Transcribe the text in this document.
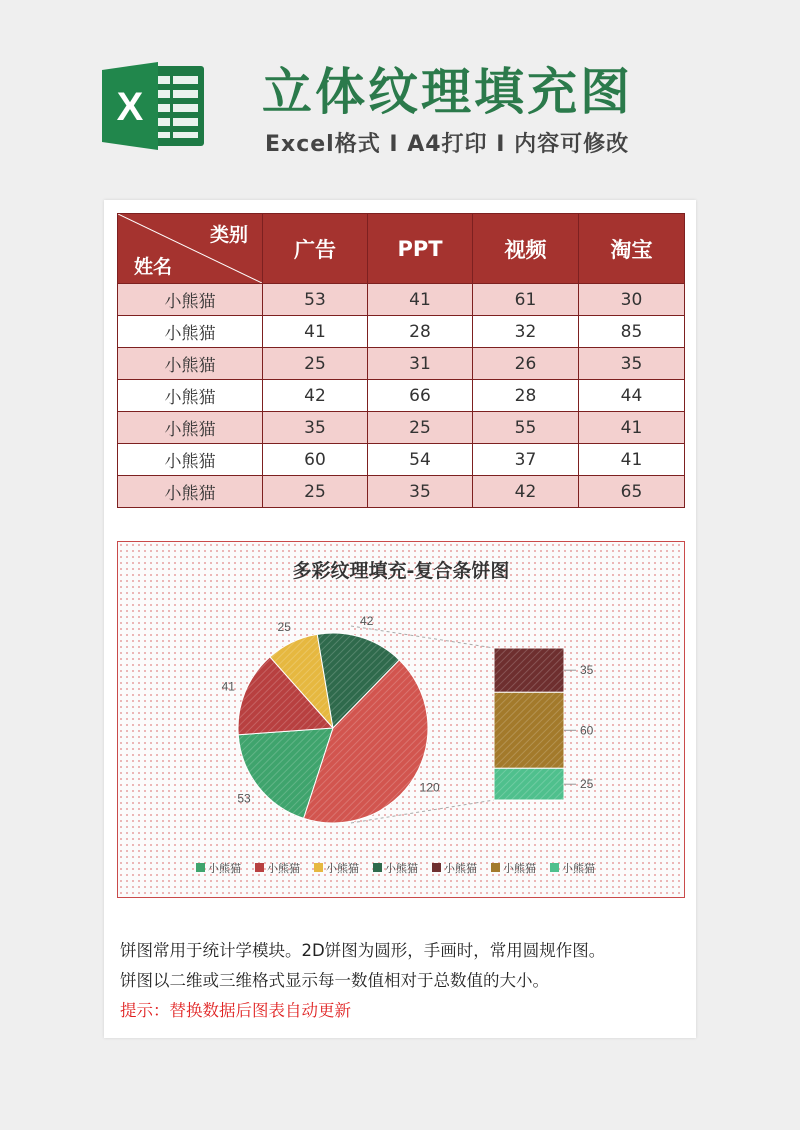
X 立体纹理填充图
Excel格式 I A4打印 I 内容可修改
类别
姓名	广告	PPT	视频	淘宝
小熊猫	53	41	61	30
小熊猫	41	28	32	85
小熊猫	25	31	26	35
小熊猫	42	66	28	44
小熊猫	35	25	55	41
小熊猫	60	54	37	41
小熊猫	25	35	42	65
多彩纹理填充-复合条饼图
53
41
25	42
120
35
60
25
小熊猫 小熊猫 小熊猫 小熊猫 小熊猫 小熊猫 小熊猫
饼图常用于统计学模块。2D饼图为圆形，手画时，常用圆规作图。
饼图以二维或三维格式显示每一数值相对于总数值的大小。
提示：替换数据后图表自动更新
